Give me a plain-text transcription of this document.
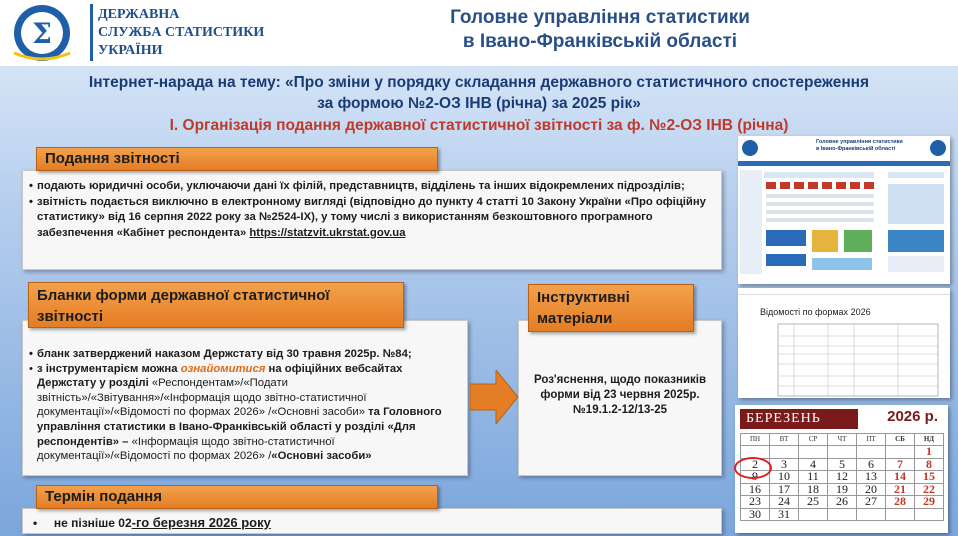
Σ
ДЕРЖАВНА
СЛУЖБА СТАТИСТИКИ
УКРАЇНИ
Головне управління статистики
в Івано-Франківській області
Інтернет-нарада на тему: «Про зміни у порядку складання державного статистичного спостереження
за формою №2-ОЗ ІНВ (річна) за 2025 рік»
І. Організація подання державної статистичної звітності за ф. №2-ОЗ ІНВ (річна)
• подають юридичні особи, уключаючи дані їх філій, представництв, відділень та інших відокремлених підрозділів;
• звітність подається виключно в електронному вигляді (відповідно до пункту 4 статті 10 Закону України «Про офіційну статистику» від 16 серпня 2022 року за №2524-ІХ), у тому числі з використанням безкоштовного програмного забезпечення «Кабінет респондента» https://statzvit.ukrstat.gov.ua
Подання звітності
• бланк затверджений наказом Держстату від 30 травня 2025р. №84;
• з інструментарієм можна ознайомитися на офіційних вебсайтах Держстату у розділі «Респондентам»/«Подати звітність»/«Звітування»/«Інформація щодо звітно-статистичної документації»/«Відомості по формах 2026» /«Основні засоби» та Головного управління статистики в Івано-Франківській області у розділі «Для респондентів» – «Інформація щодо звітно-статистичної документації»/«Відомості по формах 2026» /«Основні засоби»
Бланки форми державної статистичної звітності
Роз'яснення, щодо показників форми від 23 червня 2025р. №19.1.2-12/13-25
Інструктивні матеріали
• не пізніше 02-го березня 2026 року
Термін подання
Головне управління статистики
в Івано-Франківській області
Відомості по формах 2026
БЕРЕЗЕНЬ	2026 р.
ПН	ВТ	СР	ЧТ	ПТ	СБ	НД
						1
2	3	4	5	6	7	8
9	10	11	12	13	14	15
16	17	18	19	20	21	22
23	24	25	26	27	28	29
30	31					
